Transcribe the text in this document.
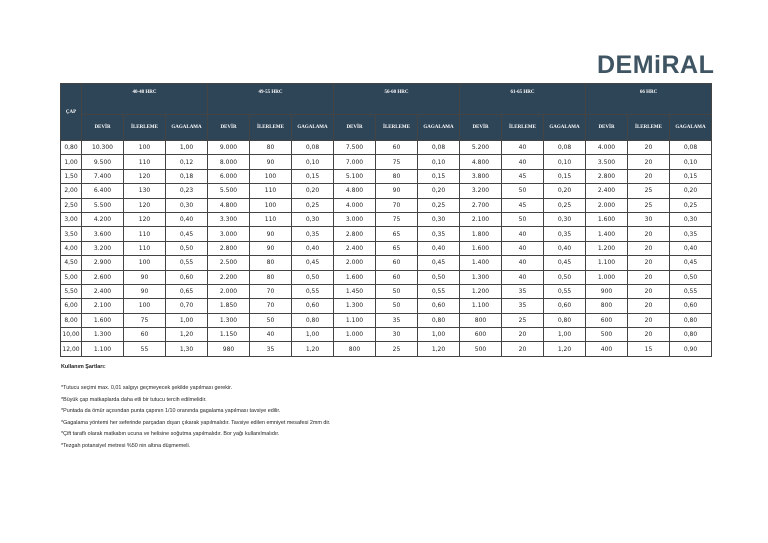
DEMiRAL
ÇAP	40-48 HRC			49-55 HRC			56-60 HRC			61-65 HRC			66 HRC		
	DEVİR	İLERLEME	GAGALAMA	DEVİR	İLERLEME	GAGALAMA	DEVİR	İLERLEME	GAGALAMA	DEVİR	İLERLEME	GAGALAMA	DEVİR	İLERLEME	GAGALAMA
0,80	10.300	100	1,00	9.000	80	0,08	7.500	60	0,08	5.200	40	0,08	4.000	20	0,08
1,00	9.500	110	0,12	8.000	90	0,10	7.000	75	0,10	4.800	40	0,10	3.500	20	0,10
1,50	7.400	120	0,18	6.000	100	0,15	5.100	80	0,15	3.800	45	0,15	2.800	20	0,15
2,00	6.400	130	0,23	5.500	110	0,20	4.800	90	0,20	3.200	50	0,20	2.400	25	0,20
2,50	5.500	120	0,30	4.800	100	0,25	4.000	70	0,25	2.700	45	0,25	2.000	25	0,25
3,00	4.200	120	0,40	3.300	110	0,30	3.000	75	0,30	2.100	50	0,30	1.600	30	0,30
3,50	3.600	110	0,45	3.000	90	0,35	2.800	65	0,35	1.800	40	0,35	1.400	20	0,35
4,00	3.200	110	0,50	2.800	90	0,40	2.400	65	0,40	1.600	40	0,40	1.200	20	0,40
4,50	2.900	100	0,55	2.500	80	0,45	2.000	60	0,45	1.400	40	0,45	1.100	20	0,45
5,00	2.600	90	0,60	2.200	80	0,50	1.600	60	0,50	1.300	40	0,50	1.000	20	0,50
5,50	2.400	90	0,65	2.000	70	0,55	1.450	50	0,55	1.200	35	0,55	900	20	0,55
6,00	2.100	100	0,70	1.850	70	0,60	1.300	50	0,60	1.100	35	0,60	800	20	0,60
8,00	1.600	75	1,00	1.300	50	0,80	1.100	35	0,80	800	25	0,80	600	20	0,80
10,00	1.300	60	1,20	1.150	40	1,00	1.000	30	1,00	600	20	1,00	500	20	0,80
12,00	1.100	55	1,30	980	35	1,20	800	25	1,20	500	20	1,20	400	15	0,90
Kullanım Şartları:
*Tutucu seçimi max. 0,01 salgıyı geçmeyecek şekilde yapılması gerekir.
*Büyük çap matkaplarda daha etli bir tutucu tercih edilmelidir.
*Puntada da ömür açısından punta çapının 1/10 oranında gagalama yapılması tavsiye edilir.
*Gagalama yöntemi her seferinde parçadan dışarı çıkarak yapılmalıdır. Tavsiye edilen emniyet mesafesi 2mm dir.
*Çift taraflı olarak matkabın ucuna ve helisine soğutma yapılmalıdır. Bor yağı kullanılmalıdır.
*Tezgah potansiyel metresi %50 nin altına düşmemeli.
